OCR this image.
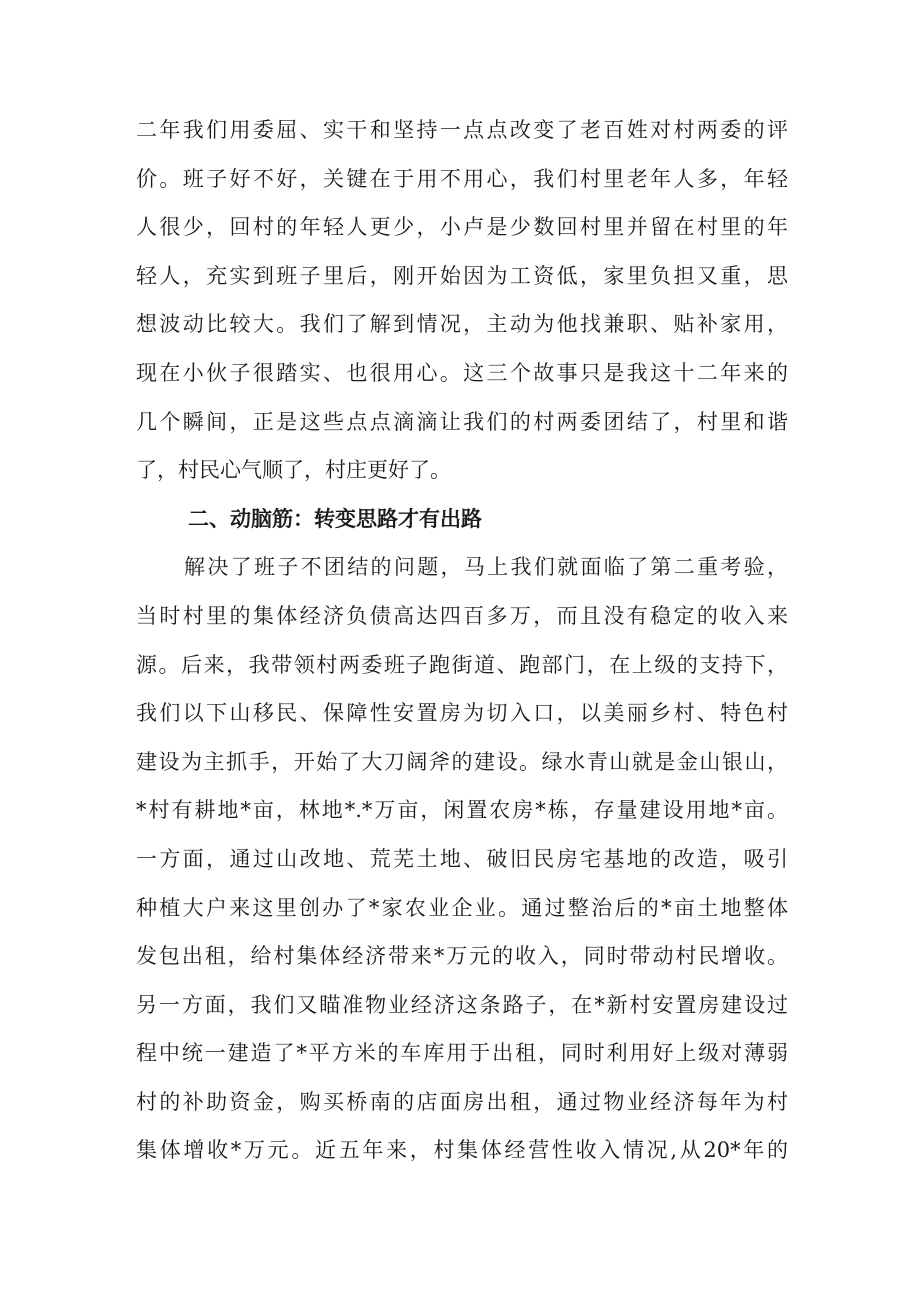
二年我们用委屈、实干和坚持一点点改变了老百姓对村两委的评
价。班子好不好，关键在于用不用心，我们村里老年人多，年轻
人很少，回村的年轻人更少，小卢是少数回村里并留在村里的年
轻人，充实到班子里后，刚开始因为工资低，家里负担又重，思
想波动比较大。我们了解到情况，主动为他找兼职、贴补家用，
现在小伙子很踏实、也很用心。这三个故事只是我这十二年来的
几个瞬间，正是这些点点滴滴让我们的村两委团结了，村里和谐
了，村民心气顺了，村庄更好了。
二、动脑筋：转变思路才有出路
解决了班子不团结的问题，马上我们就面临了第二重考验，
当时村里的集体经济负债高达四百多万，而且没有稳定的收入来
源。后来，我带领村两委班子跑街道、跑部门，在上级的支持下，
我们以下山移民、保障性安置房为切入口，以美丽乡村、特色村
建设为主抓手，开始了大刀阔斧的建设。绿水青山就是金山银山，
*村有耕地*亩，林地*.*万亩，闲置农房*栋，存量建设用地*亩。
一方面，通过山改地、荒芜土地、破旧民房宅基地的改造，吸引
种植大户来这里创办了*家农业企业。通过整治后的*亩土地整体
发包出租，给村集体经济带来*万元的收入，同时带动村民增收。
另一方面，我们又瞄准物业经济这条路子，在*新村安置房建设过
程中统一建造了*平方米的车库用于出租，同时利用好上级对薄弱
村的补助资金，购买桥南的店面房出租，通过物业经济每年为村
集体增收*万元。近五年来，村集体经营性收入情况,从20*年的
